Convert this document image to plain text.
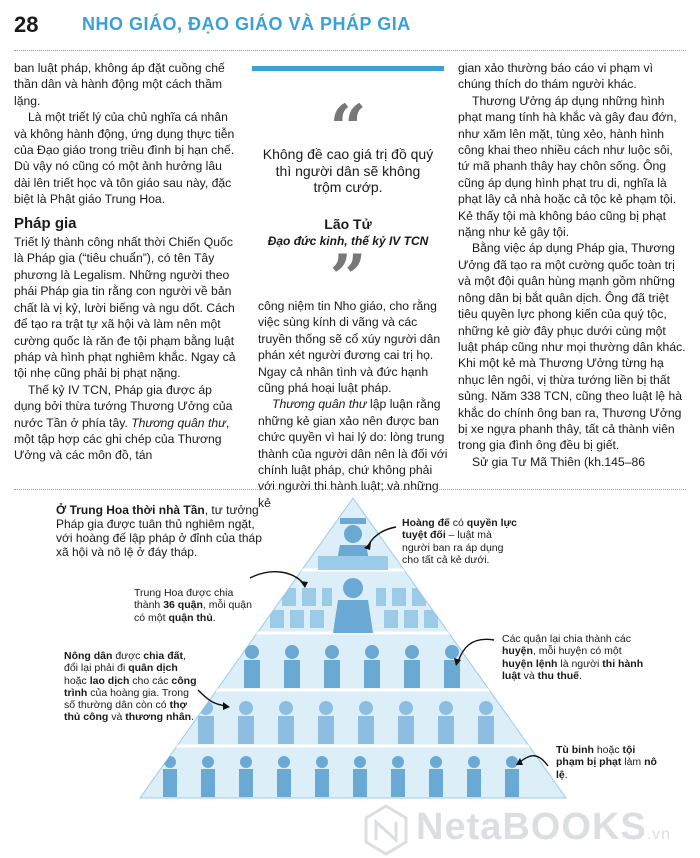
28 NHO GIÁO, ĐẠO GIÁO VÀ PHÁP GIA

ban luật pháp, không áp đặt cuồng chế thần dân và hành động một cách thầm lặng.

Là một triết lý của chủ nghĩa cá nhân và không hành động, ứng dụng thực tiễn của Đạo giáo trong triều đình bị hạn chế. Dù vậy nó cũng có một ảnh hưởng lâu dài lên triết học và tôn giáo sau này, đặc biệt là Phật giáo Trung Hoa.

Pháp gia

Triết lý thành công nhất thời Chiến Quốc là Pháp gia (“tiêu chuẩn”), có tên Tây phương là Legalism. Những người theo phái Pháp gia tin rằng con người về bản chất là vị kỷ, lười biếng và ngu dốt. Cách để tạo ra trật tự xã hội và làm nên một cường quốc là răn đe tội phạm bằng luật pháp và hình phạt nghiêm khắc. Ngay cả tội nhẹ cũng phải bị phạt nặng.

Thế kỷ IV TCN, Pháp gia được áp dụng bởi thừa tướng Thương Ưởng của nước Tần ở phía tây. Thương quân thư, một tập hợp các ghi chép của Thương Ưởng và các môn đồ, tán

“
Không đề cao giá trị đồ quý thì người dân sẽ không trộm cướp.
Lão Tử
Đạo đức kinh, thế kỷ IV TCN
”

công niệm tin Nho giáo, cho rằng việc sùng kính di vãng và các truyền thống sẽ cổ xúy người dân phán xét người đương cai trị họ. Ngay cả nhân tình và đức hạnh cũng phá hoại luật pháp.

Thương quân thư lập luận rằng những kẻ gian xảo nên được ban chức quyền vì hai lý do: lòng trung thành của người dân nên là đối với chính luật pháp, chứ không phải với người thi hành luật; và những kẻ

gian xảo thường báo cáo vi phạm vì chúng thích do thám người khác.

Thương Ưởng áp dụng những hình phạt mang tính hà khắc và gây đau đớn, như xăm lên mặt, tùng xẻo, hành hình công khai theo nhiều cách như luộc sôi, tứ mã phanh thây hay chôn sống. Ông cũng áp dụng hình phạt tru di, nghĩa là phạt lây cả nhà hoặc cả tộc kẻ phạm tội. Kẻ thấy tội mà không báo cũng bị phạt nặng như kẻ gây tội.

Bằng việc áp dụng Pháp gia, Thương Ưởng đã tạo ra một cường quốc toàn trị và một đội quân hùng mạnh gồm những nông dân bị bắt quân dịch. Ông đã triệt tiêu quyền lực phong kiến của quý tộc, những kẻ giờ đây phục dưới cùng một luật pháp cũng như mọi thường dân khác. Khi một kẻ mà Thương Ưởng từng hạ nhục lên ngôi, vị thừa tướng liền bị thất sủng. Năm 338 TCN, cũng theo luật lệ hà khắc do chính ông ban ra, Thương Ưởng bị xe ngựa phanh thây, tất cả thành viên trong gia đình ông đều bị giết.

Sử gia Tư Mã Thiên (kh.145–86

Ở Trung Hoa thời nhà Tần, tư tưởng Pháp gia được tuân thủ nghiêm ngặt, với hoàng đế lập pháp ở đỉnh của tháp xã hội và nô lệ ở đáy tháp.
Hoàng đế có quyền lực tuyệt đối – luật mà người ban ra áp dụng cho tất cả kẻ dưới.
Trung Hoa được chia thành 36 quận, mỗi quận có một quận thủ.
Các quận lại chia thành các huyện, mỗi huyện có một huyện lệnh là người thi hành luật và thu thuế.
Nông dân được chia đất, đổi lại phải đi quân dịch hoặc lao dịch cho các công trình của hoàng gia. Trong số thường dân còn có thợ thủ công và thương nhân.
Tù binh hoặc tội phạm bị phạt làm nô lệ.
NetaBOOKS.vn
